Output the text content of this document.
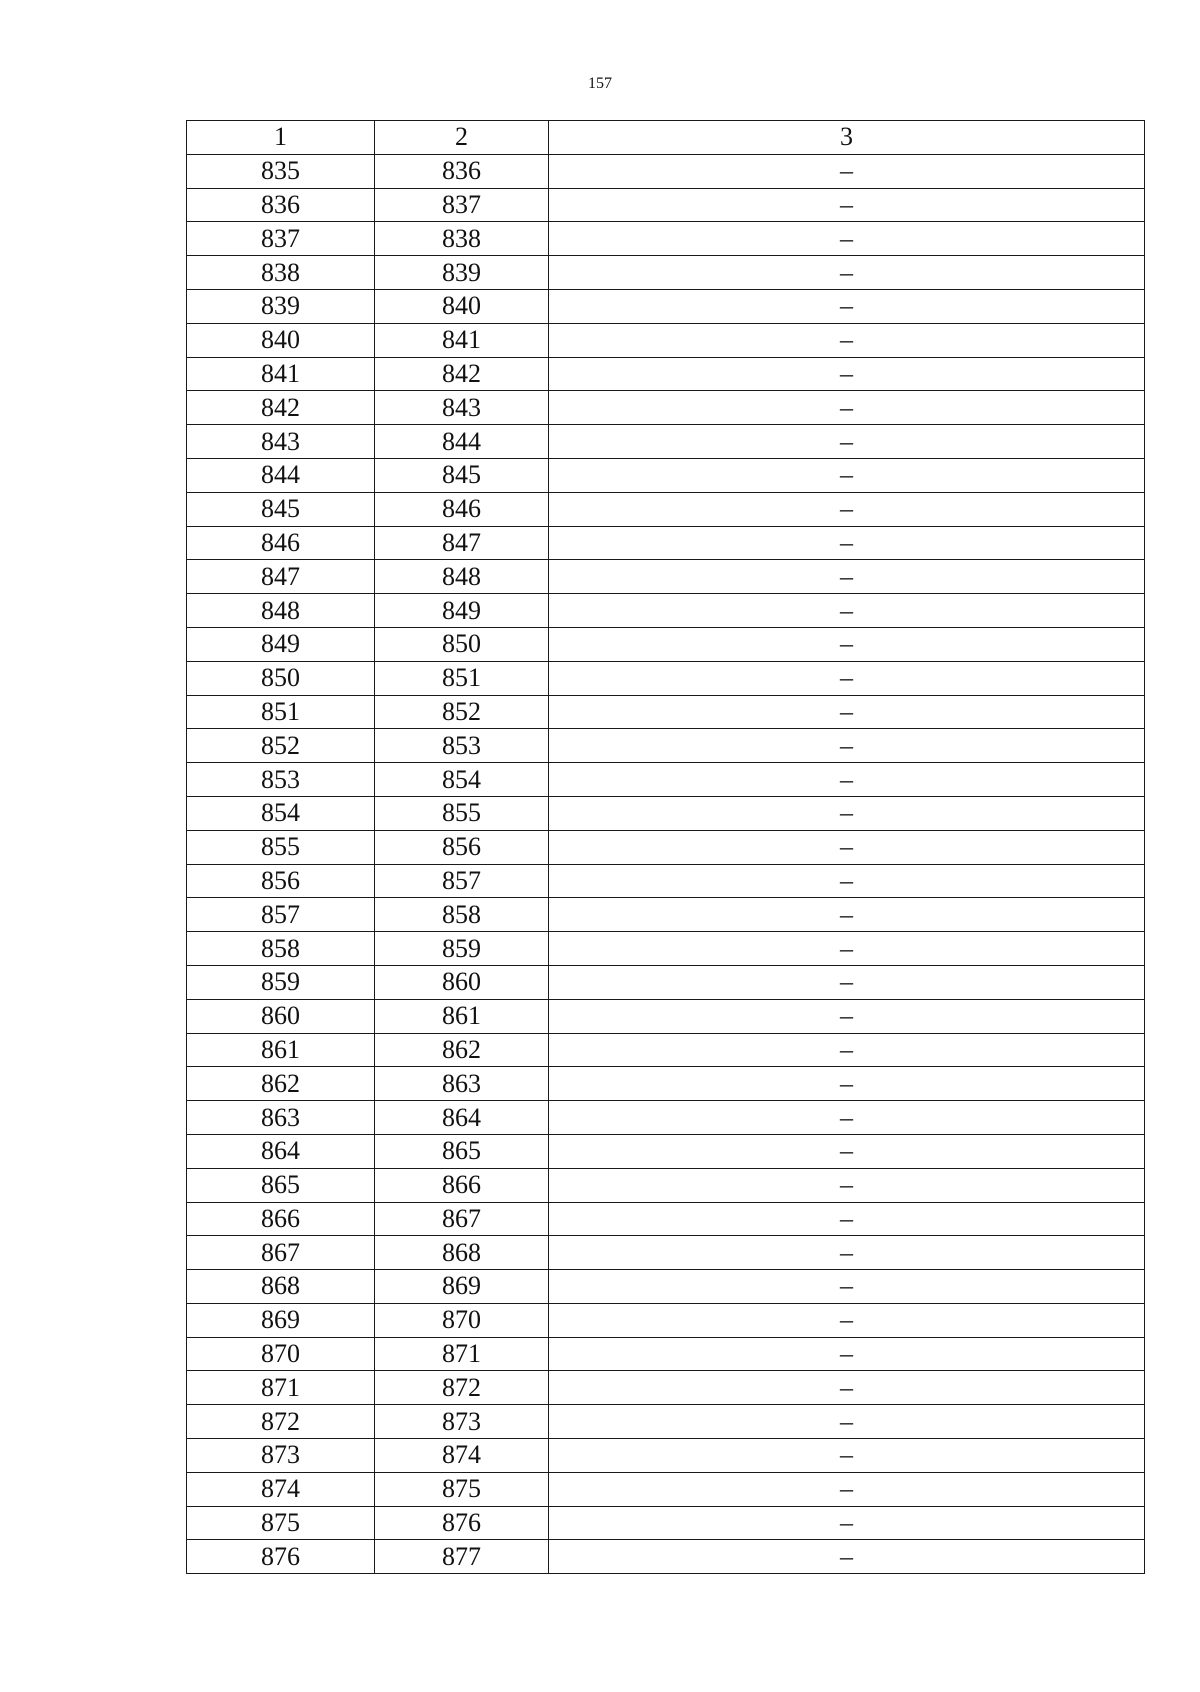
157
1	2	3
835	836	–
836	837	–
837	838	–
838	839	–
839	840	–
840	841	–
841	842	–
842	843	–
843	844	–
844	845	–
845	846	–
846	847	–
847	848	–
848	849	–
849	850	–
850	851	–
851	852	–
852	853	–
853	854	–
854	855	–
855	856	–
856	857	–
857	858	–
858	859	–
859	860	–
860	861	–
861	862	–
862	863	–
863	864	–
864	865	–
865	866	–
866	867	–
867	868	–
868	869	–
869	870	–
870	871	–
871	872	–
872	873	–
873	874	–
874	875	–
875	876	–
876	877	–
